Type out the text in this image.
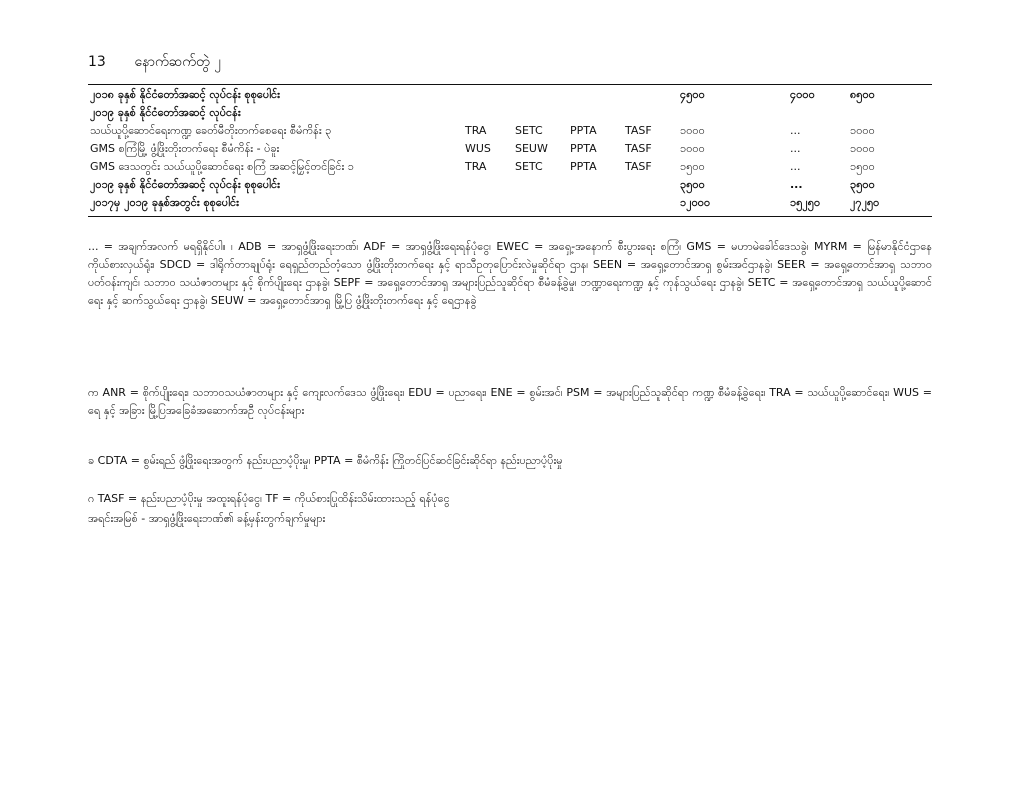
13 နောက်ဆက်တွဲ ၂
၂၀၁၈ ခုနှစ် နိုင်ငံတော်အဆင့် လုပ်ငန်း စုစုပေါင်း					၄၅၀၀	၄၀၀၀	၈၅၀၀
၂၀၁၉ ခုနှစ် နိုင်ငံတော်အဆင့် လုပ်ငန်း							
သယ်ယူပို့ဆောင်ရေးကဏ္ဍ ခေတ်မီတိုးတက်စေရေး စီမံကိန်း ၃	TRA	SETC	PPTA	TASF	၁၀၀၀	...	၁၀၀၀
GMS စကြံမြို့ ဖွံ့ဖြိုးတိုးတက်ရေး စီမံကိန်း - ပဲခူး	WUS	SEUW	PPTA	TASF	၁၀၀၀	...	၁၀၀၀
GMS ဒေသတွင်း သယ်ယူပို့ဆောင်ရေး စကြံ အဆင့်မြှင့်တင်ခြင်း ၁	TRA	SETC	PPTA	TASF	၁၅၀၀	...	၁၅၀၀
၂၀၁၉ ခုနှစ် နိုင်ငံတော်အဆင့် လုပ်ငန်း စုစုပေါင်း					၃၅၀၀	...	၃၅၀၀
၂၀၁၇မှ ၂၀၁၉ ခုနှစ်အတွင်း စုစုပေါင်း					၁၂၀၀၀	၁၅၂၅၀	၂၇၂၅၀
... = အချက်အလက် မရရှိနိုင်ပါ။ ၊ ADB = အာရှဖွံ့ဖြိုးရေးဘဏ်၊ ADF = အာရှဖွံ့ဖြိုးရေးရန်ပုံငွေ၊ EWEC = အရှေ့-အနောက် စီးပွားရေး စကြံ၊ GMS = မဟာမဲခေါင်ဒေသခွဲ၊ MYRM = မြန်မာနိုင်ငံဌာနေကိုယ်စားလှယ်ရုံး၊ SDCD = ဒါရိုက်တာချုပ်ရုံး ရေရှည်တည်တံ့သော ဖွံ့ဖြိုးတိုးတက်ရေး နှင့် ရာသီဥတုပြောင်းလဲမှုဆိုင်ရာ ဌာန၊ SEEN = အရှေ့တောင်အာရှ စွမ်းအင်ဌာနခွဲ၊ SEER = အရှေ့တောင်အာရှ သဘာဝပတ်ဝန်းကျင်၊ သဘာဝ သယံဇာတများ နှင့် စိုက်ပျိုးရေး ဌာနခွဲ၊ SEPF = အရှေ့တောင်အာရှ အများပြည်သူဆိုင်ရာ စီမံခန့်ခွဲမှု၊ ဘဏ္ဍာရေးကဏ္ဍ နှင့် ကုန်သွယ်ရေး ဌာနခွဲ၊ SETC = အရှေ့တောင်အာရှ သယ်ယူပို့ဆောင်ရေး နှင့် ဆက်သွယ်ရေး ဌာနခွဲ၊ SEUW = အရှေ့တောင်အာရှ မြို့ပြ ဖွံ့ဖြိုးတိုးတက်ရေး နှင့် ရေဌာနခွဲ
က ANR = စိုက်ပျိုးရေး၊ သဘာဝသယံဇာတများ နှင့် ကျေးလက်ဒေသ ဖွံ့ဖြိုးရေး၊ EDU = ပညာရေး၊ ENE = စွမ်းအင်၊ PSM = အများပြည်သူဆိုင်ရာ ကဏ္ဍ စီမံခန့်ခွဲရေး၊ TRA = သယ်ယူပို့ဆောင်ရေး၊ WUS = ရေ နှင့် အခြား မြို့ပြအခြေခံအဆောက်အဦ လုပ်ငန်းများ
ခ CDTA = စွမ်းရည် ဖွံ့ဖြိုးရေးအတွက် နည်းပညာပံ့ပိုးမှု၊ PPTA = စီမံကိန်း ကြိုတင်ပြင်ဆင်ခြင်းဆိုင်ရာ နည်းပညာပံ့ပိုးမှု
ဂ TASF = နည်းပညာပံ့ပိုးမှု အထူးရန်ပုံငွေ၊ TF = ကိုယ်စားပြုထိန်းသိမ်းထားသည့် ရန်ပုံငွေ
အရင်းအမြစ် - အာရှဖွံ့ဖြိုးရေးဘဏ်၏ ခန့်မှန်းတွက်ချက်မှုများ
